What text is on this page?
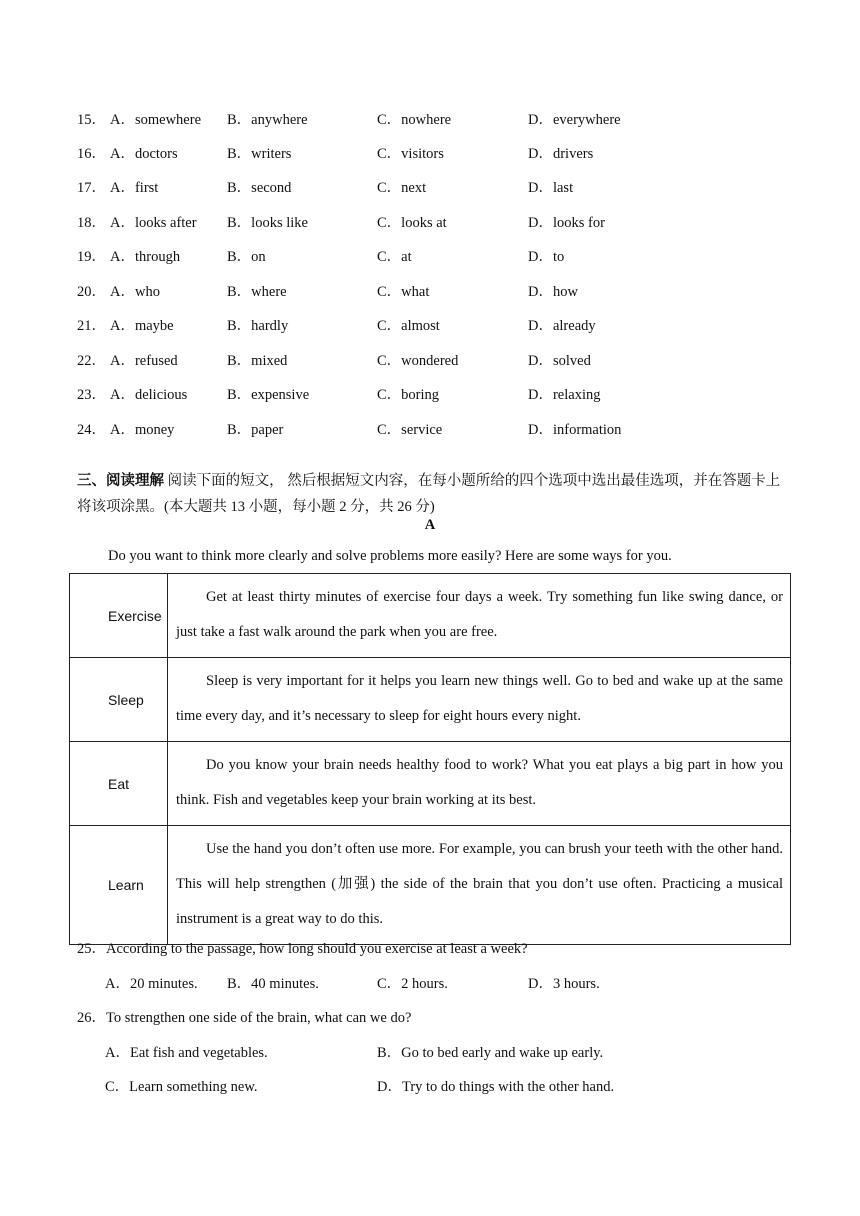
15． A．somewhere B．anywhere	C．nowhere	D．everywhere
16． A．doctors	B．writers	C．visitors	D．drivers
17． A．first	B．second	C．next	D．last
18． A．looks after B．looks like	C．looks at	D．looks for
19． A．through	B．on	C．at	D．to
20． A．who	B．where	C．what	D．how
21． A．maybe	B．hardly	C．almost	D．already
22． A．refused	B．mixed	C．wondered	D．solved
23． A．delicious	B．expensive	C．boring	D．relaxing
24． A．money	B．paper	C．service	D．information
三、阅读理解 阅读下面的短文， 然后根据短文内容，在每小题所给的四个选项中选出最佳选项，并在答题卡上将该项涂黑。(本大题共 13 小题，每小题 2 分，共 26 分)
A
Do you want to think more clearly and solve problems more easily? Here are some ways for you.
Exercise	Get at least thirty minutes of exercise four days a week. Try something fun like swing dance, or just take a fast walk around the park when you are free.
Sleep	Sleep is very important for it helps you learn new things well. Go to bed and wake up at the same time every day, and it’s necessary to sleep for eight hours every night.
Eat	Do you know your brain needs healthy food to work? What you eat plays a big part in how you think. Fish and vegetables keep your brain working at its best.
Learn	Use the hand you don’t often use more. For example, you can brush your teeth with the other hand. This will help strengthen (加强) the side of the brain that you don’t use often. Practicing a musical instrument is a great way to do this.
25．According to the passage, how long should you exercise at least a week?
A．20 minutes. B．40 minutes.	C．2 hours.	D．3 hours.
26．To strengthen one side of the brain, what can we do?
A．Eat fish and vegetables.	B．Go to bed early and wake up early.
C．Learn something new.	D．Try to do things with the other hand.
